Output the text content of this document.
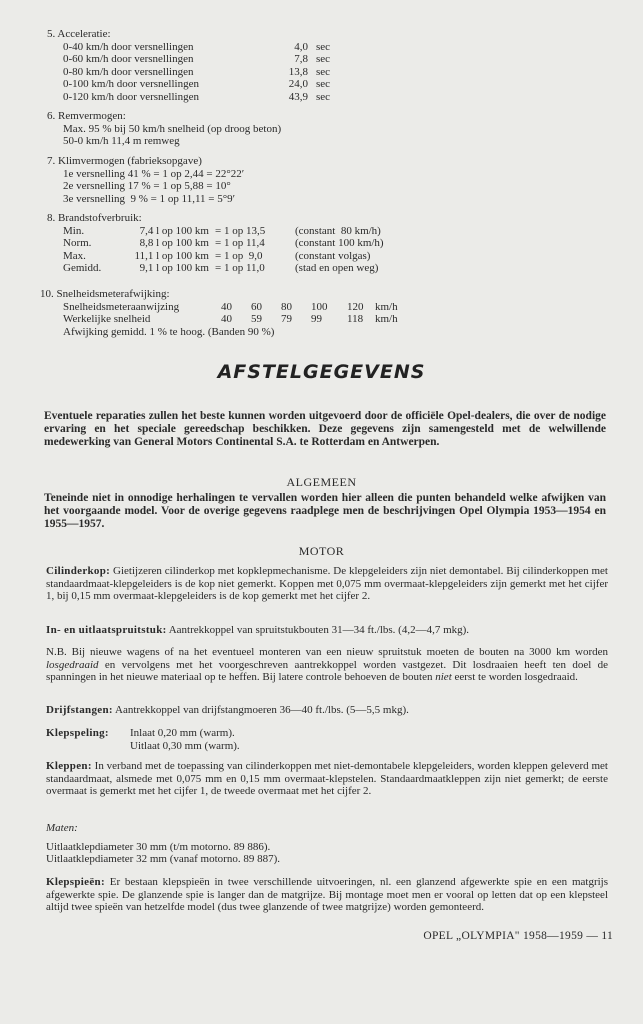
5. Acceleratie:
0-40 km/h door versnellingen	4,0	sec
0-60 km/h door versnellingen	7,8	sec
0-80 km/h door versnellingen	13,8	sec
0-100 km/h door versnellingen	24,0	sec
0-120 km/h door versnellingen	43,9	sec
6. Remvermogen:
Max. 95 % bij 50 km/h snelheid (op droog beton)
50-0 km/h 11,4 m remweg
7. Klimvermogen (fabrieksopgave)
1e versnelling 41 % = 1 op 2,44 = 22°22′
2e versnelling 17 % = 1 op 5,88 = 10°
3e versnelling  9 % = 1 op 11,11 = 5°9′
8. Brandstofverbruik:
Min.	7,4 l op 100 km	= 1 op 13,5	(constant  80 km/h)
Norm.	8,8 l op 100 km	= 1 op 11,4	(constant 100 km/h)
Max.	11,1 l op 100 km	= 1 op  9,0	(constant volgas)
Gemidd.	9,1 l op 100 km	= 1 op 11,0	(stad en open weg)
10. Snelheidsmeterafwijking:
Snelheidsmeteraanwijzing	40	60	80	100	120	km/h
Werkelijke snelheid	40	59	79	99	118	km/h
Afwijking gemidd. 1 % te hoog. (Banden 90 %)
AFSTELGEGEVENS
Eventuele reparaties zullen het beste kunnen worden uitgevoerd door de officiële Opel-dealers, die over de nodige ervaring en het speciale gereedschap beschikken. Deze gegevens zijn samengesteld met de welwillende medewerking van General Motors Continental S.A. te Rotterdam en Antwerpen.
ALGEMEEN
Teneinde niet in onnodige herhalingen te vervallen worden hier alleen die punten behandeld welke afwijken van het voorgaande model. Voor de overige gegevens raadplege men de beschrijvingen Opel Olympia 1953—1954 en 1955—1957.
MOTOR
Cilinderkop: Gietijzeren cilinderkop met kopklepmechanisme. De klepgeleiders zijn niet demontabel. Bij cilinderkoppen met standaardmaat-klepgeleiders is de kop niet gemerkt. Koppen met 0,075 mm overmaat-klepgeleiders zijn gemerkt met het cijfer 1, bij 0,15 mm overmaat-klepgeleiders is de kop gemerkt met het cijfer 2.
In- en uitlaatspruitstuk: Aantrekkoppel van spruitstukbouten 31—34 ft./lbs. (4,2—4,7 mkg).
N.B. Bij nieuwe wagens of na het eventueel monteren van een nieuw spruitstuk moeten de bouten na 3000 km worden losgedraaid en vervolgens met het voorgeschreven aantrekkoppel worden vastgezet. Dit losdraaien heeft ten doel de spanningen in het nieuwe materiaal op te heffen. Bij latere controle behoeven de bouten niet eerst te worden losgedraaid.
Drijfstangen: Aantrekkoppel van drijfstangmoeren 36—40 ft./lbs. (5—5,5 mkg).
Klepspeling: Inlaat 0,20 mm (warm).
Uitlaat 0,30 mm (warm).
Kleppen: In verband met de toepassing van cilinderkoppen met niet-demontabele klepgeleiders, worden kleppen geleverd met standaardmaat, alsmede met 0,075 mm en 0,15 mm overmaat-klepstelen. Standaardmaatkleppen zijn niet gemerkt; de eerste overmaat is gemerkt met het cijfer 1, de tweede overmaat met het cijfer 2.
Maten:
Uitlaatklepdiameter 30 mm (t/m motorno. 89 886).
Uitlaatklepdiameter 32 mm (vanaf motorno. 89 887).
Klepspieën: Er bestaan klepspieën in twee verschillende uitvoeringen, nl. een glanzend afgewerkte spie en een matgrijs afgewerkte spie. De glanzende spie is langer dan de matgrijze. Bij montage moet men er vooral op letten dat op een klepsteel altijd twee spieën van hetzelfde model (dus twee glanzende of twee matgrijze) worden gemonteerd.
OPEL „OLYMPIA" 1958—1959 — 11
